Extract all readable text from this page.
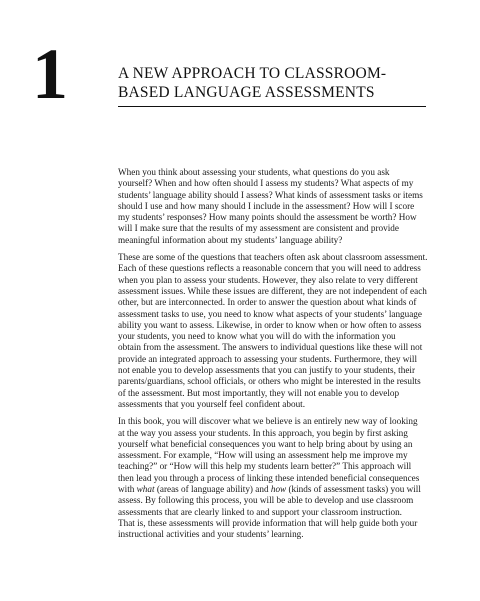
1	A NEW APPROACH TO CLASSROOM-
BASED LANGUAGE ASSESSMENTS

When you think about assessing your students, what questions do you ask
yourself? When and how often should I assess my students? What aspects of my
students’ language ability should I assess? What kinds of assessment tasks or items
should I use and how many should I include in the assessment? How will I score
my students’ responses? How many points should the assessment be worth? How
will I make sure that the results of my assessment are consistent and provide
meaningful information about my students’ language ability?

These are some of the questions that teachers often ask about classroom assessment.
Each of these questions reflects a reasonable concern that you will need to address
when you plan to assess your students. However, they also relate to very different
assessment issues. While these issues are different, they are not independent of each
other, but are interconnected. In order to answer the question about what kinds of
assessment tasks to use, you need to know what aspects of your students’ language
ability you want to assess. Likewise, in order to know when or how often to assess
your students, you need to know what you will do with the information you
obtain from the assessment. The answers to individual questions like these will not
provide an integrated approach to assessing your students. Furthermore, they will
not enable you to develop assessments that you can justify to your students, their
parents/guardians, school officials, or others who might be interested in the results
of the assessment. But most importantly, they will not enable you to develop
assessments that you yourself feel confident about.

In this book, you will discover what we believe is an entirely new way of looking
at the way you assess your students. In this approach, you begin by first asking
yourself what beneficial consequences you want to help bring about by using an
assessment. For example, “How will using an assessment help me improve my
teaching?” or “How will this help my students learn better?” This approach will
then lead you through a process of linking these intended beneficial consequences
with what (areas of language ability) and how (kinds of assessment tasks) you will
assess. By following this process, you will be able to develop and use classroom
assessments that are clearly linked to and support your classroom instruction.
That is, these assessments will provide information that will help guide both your
instructional activities and your students’ learning.
